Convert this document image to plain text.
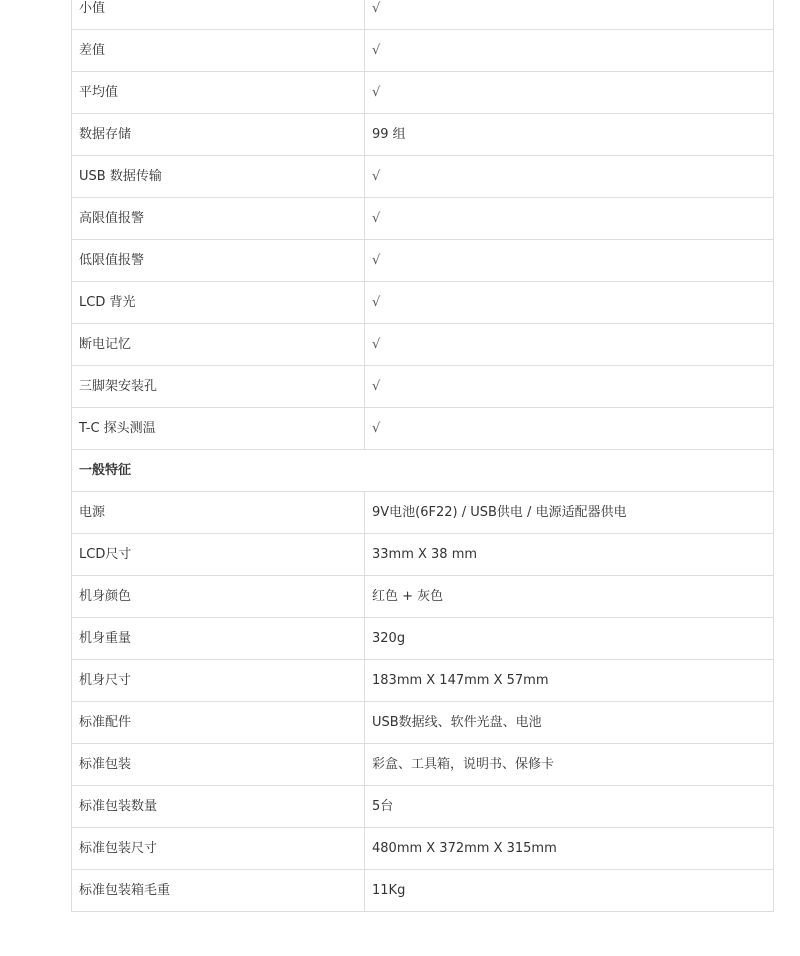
小值	√
差值	√
平均值	√
数据存储	99 组
USB 数据传输	√
高限值报警	√
低限值报警	√
LCD 背光	√
断电记忆	√
三脚架安装孔	√
T-C 探头测温	√
一般特征	
电源	9V电池(6F22) / USB供电 / 电源适配器供电
LCD尺寸	33mm X 38 mm
机身颜色	红色 + 灰色
机身重量	320g
机身尺寸	183mm X 147mm X 57mm
标准配件	USB数据线、软件光盘、电池
标准包装	彩盒、工具箱，说明书、保修卡
标准包装数量	5台
标准包装尺寸	480mm X 372mm X 315mm
标准包装箱毛重	11Kg
